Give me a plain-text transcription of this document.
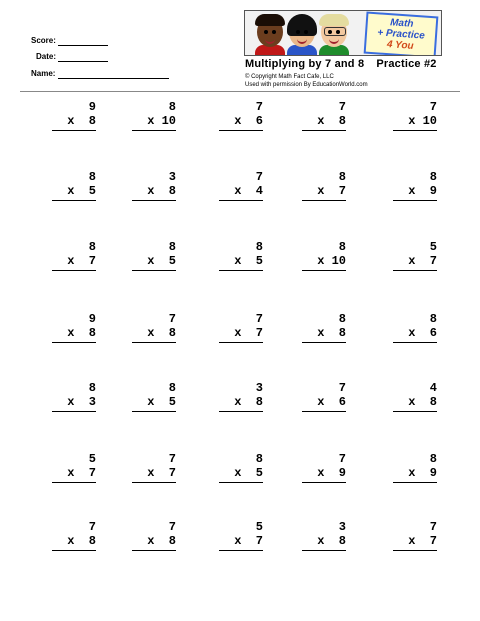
Score:
Date:
Name:
Math
+ Practice
4 You
Multiplying by 7 and 8 Practice #2
© Copyright Math Fact Cafe, LLC
Used with permission By EducationWorld.com
9
x  8
8
x 10
7
x  6
7
x  8
7
x 10
8
x  5
3
x  8
7
x  4
8
x  7
8
x  9
8
x  7
8
x  5
8
x  5
8
x 10
5
x  7
9
x  8
7
x  8
7
x  7
8
x  8
8
x  6
8
x  3
8
x  5
3
x  8
7
x  6
4
x  8
5
x  7
7
x  7
8
x  5
7
x  9
8
x  9
7
x  8
7
x  8
5
x  7
3
x  8
7
x  7
